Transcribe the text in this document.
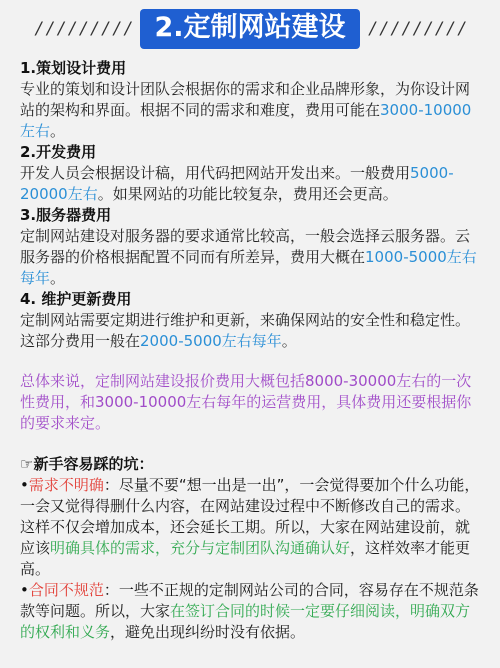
/ / / / / / / / / 2.定制网站建设	/ / / / / / / / /
1.策划设计费用
专业的策划和设计团队会根据你的需求和企业品牌形象，为你设计网站的架构和界面。根据不同的需求和难度，费用可能在3000-10000左右。
2.开发费用
开发人员会根据设计稿，用代码把网站开发出来。一般费用5000-20000左右。如果网站的功能比较复杂，费用还会更高。
3.服务器费用
定制网站建设对服务器的要求通常比较高，一般会选择云服务器。云服务器的价格根据配置不同而有所差异，费用大概在1000-5000左右每年。
4. 维护更新费用
定制网站需要定期进行维护和更新，来确保网站的安全性和稳定性。这部分费用一般在2000-5000左右每年。
总体来说，定制网站建设报价费用大概包括8000-30000左右的一次性费用，和3000-10000左右每年的运营费用，具体费用还要根据你的要求来定。
☞新手容易踩的坑：
•需求不明确：尽量不要“想一出是一出”，一会觉得要加个什么功能，一会又觉得得删什么内容，在网站建设过程中不断修改自己的需求。这样不仅会增加成本，还会延长工期。所以，大家在网站建设前，就应该明确具体的需求，充分与定制团队沟通确认好，这样效率才能更高。
•合同不规范：一些不正规的定制网站公司的合同，容易存在不规范条款等问题。所以，大家在签订合同的时候一定要仔细阅读，明确双方的权利和义务，避免出现纠纷时没有依据。
